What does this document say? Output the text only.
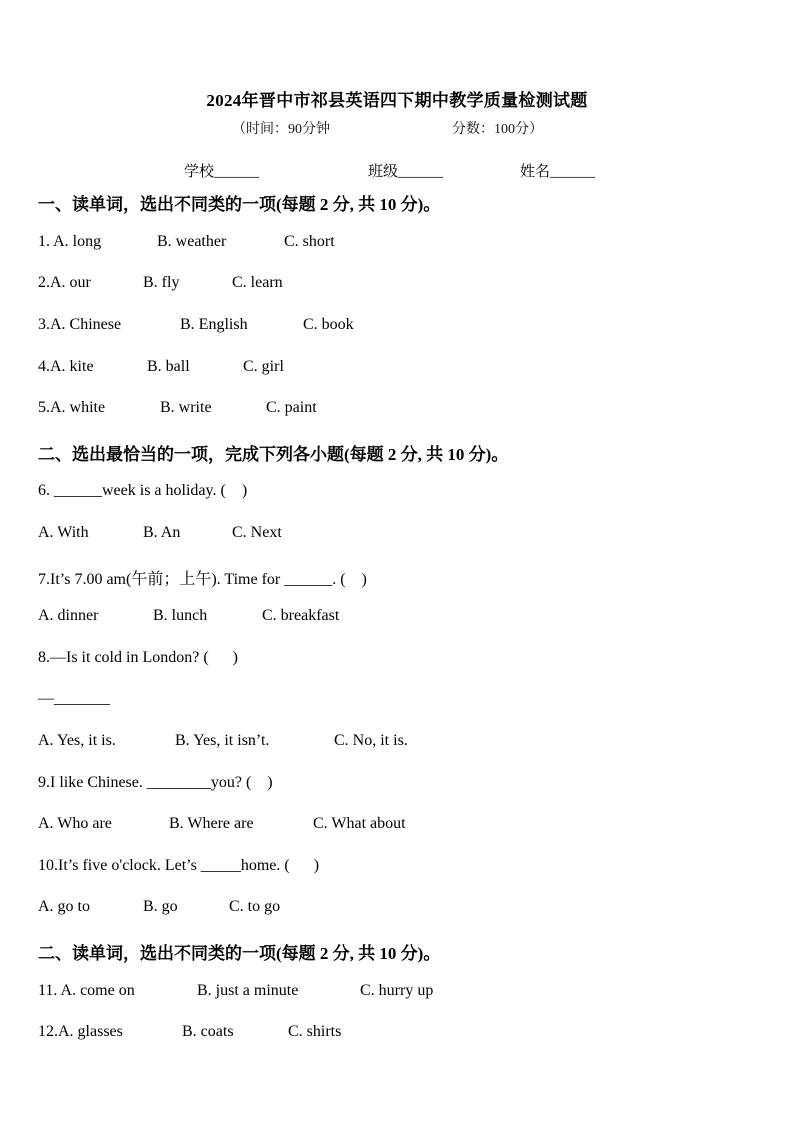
2024年晋中市祁县英语四下期中教学质量检测试题
（时间：90分钟	分数：100分）
学校______	班级______	姓名______
一、读单词，选出不同类的一项(每题 2 分, 共 10 分)。
1. A. long	B. weather	C. short
2.A. our	B. fly	C. learn
3.A. Chinese	B. English	C. book
4.A. kite	B. ball	C. girl
5.A. white	B. write	C. paint
二、选出最恰当的一项，完成下列各小题(每题 2 分, 共 10 分)。
6. ______week is a holiday. (    )
A. With	B. An	C. Next
7.It’s 7.00 am(午前；上午). Time for ______. (    )
A. dinner	B. lunch	C. breakfast
8.—Is it cold in London? (      )
—_______
A. Yes, it is.	B. Yes, it isn’t.	C. No, it is.
9.I like Chinese. ________you? (    )
A. Who are	B. Where are	C. What about
10.It’s five o'clock. Let’s _____home. (      )
A. go to	B. go	C. to go
二、读单词，选出不同类的一项(每题 2 分, 共 10 分)。
11. A. come on	B. just a minute	C. hurry up
12.A. glasses	B. coats	C. shirts
